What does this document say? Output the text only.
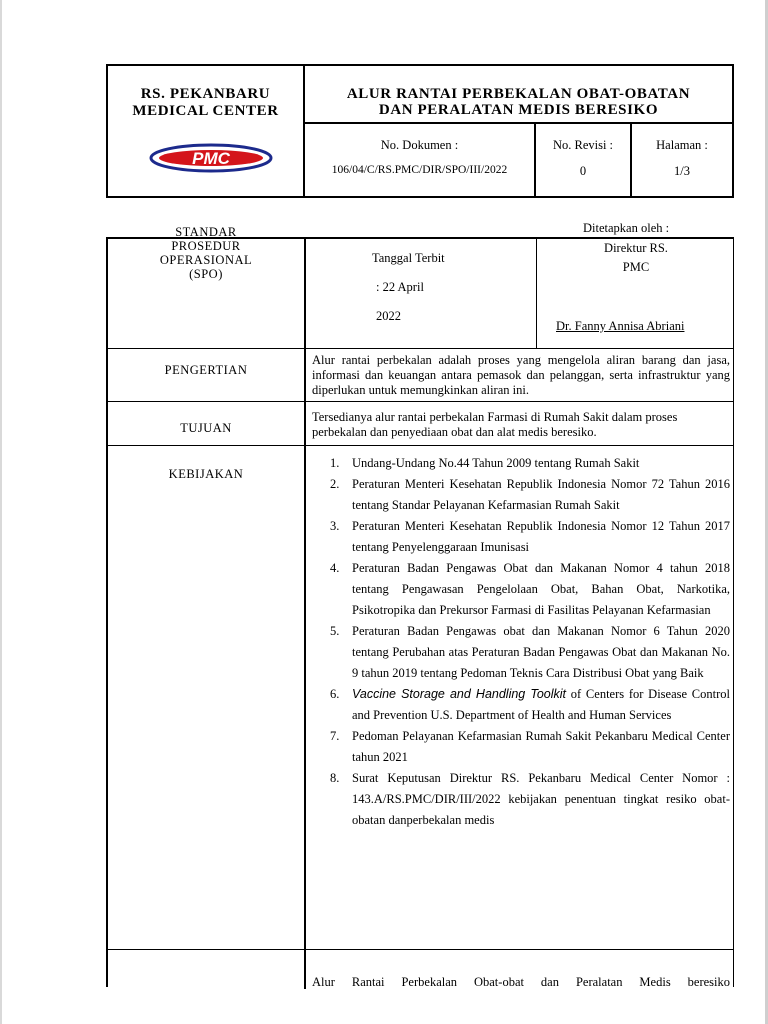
RS. PEKANBARU
MEDICAL CENTER
PMC
ALUR RANTAI PERBEKALAN OBAT-OBATAN
DAN PERALATAN MEDIS BERESIKO
No. Dokumen :
106/04/C/RS.PMC/DIR/SPO/III/2022
No. Revisi :
0
Halaman :
1/3
Ditetapkan oleh :
STANDAR
PROSEDUR
OPERASIONAL
(SPO)
Tanggal Terbit
: 22 April
2022
Direktur RS.
PMC
Dr. Fanny Annisa Abriani
PENGERTIAN
Alur rantai perbekalan adalah proses yang mengelola aliran barang dan jasa, informasi dan keuangan antara pemasok dan pelanggan, serta infrastruktur yang diperlukan untuk memungkinkan aliran ini.
TUJUAN
Tersedianya alur rantai perbekalan Farmasi di Rumah Sakit dalam proses perbekalan dan penyediaan obat dan alat medis beresiko.
KEBIJAKAN
1. Undang-Undang No.44 Tahun 2009 tentang Rumah Sakit
2. Peraturan Menteri Kesehatan Republik Indonesia Nomor 72 Tahun 2016 tentang Standar Pelayanan Kefarmasian Rumah Sakit
3. Peraturan Menteri Kesehatan Republik Indonesia Nomor 12 Tahun 2017 tentang Penyelenggaraan Imunisasi
4. Peraturan Badan Pengawas Obat dan Makanan Nomor 4 tahun 2018 tentang Pengawasan Pengelolaan Obat, Bahan Obat, Narkotika, Psikotropika dan Prekursor Farmasi di Fasilitas Pelayanan Kefarmasian
5. Peraturan Badan Pengawas obat dan Makanan Nomor 6 Tahun 2020 tentang Perubahan atas Peraturan Badan Pengawas Obat dan Makanan No. 9 tahun 2019 tentang Pedoman Teknis Cara Distribusi Obat yang Baik
6. Vaccine Storage and Handling Toolkit of Centers for Disease Control and Prevention U.S. Department of Health and Human Services
7. Pedoman Pelayanan Kefarmasian Rumah Sakit Pekanbaru Medical Center tahun 2021
8. Surat Keputusan Direktur RS. Pekanbaru Medical Center Nomor : 143.A/RS.PMC/DIR/III/2022 kebijakan penentuan tingkat resiko obat-obatan danperbekalan medis
Alur Rantai Perbekalan Obat-obat dan Peralatan Medis beresiko
